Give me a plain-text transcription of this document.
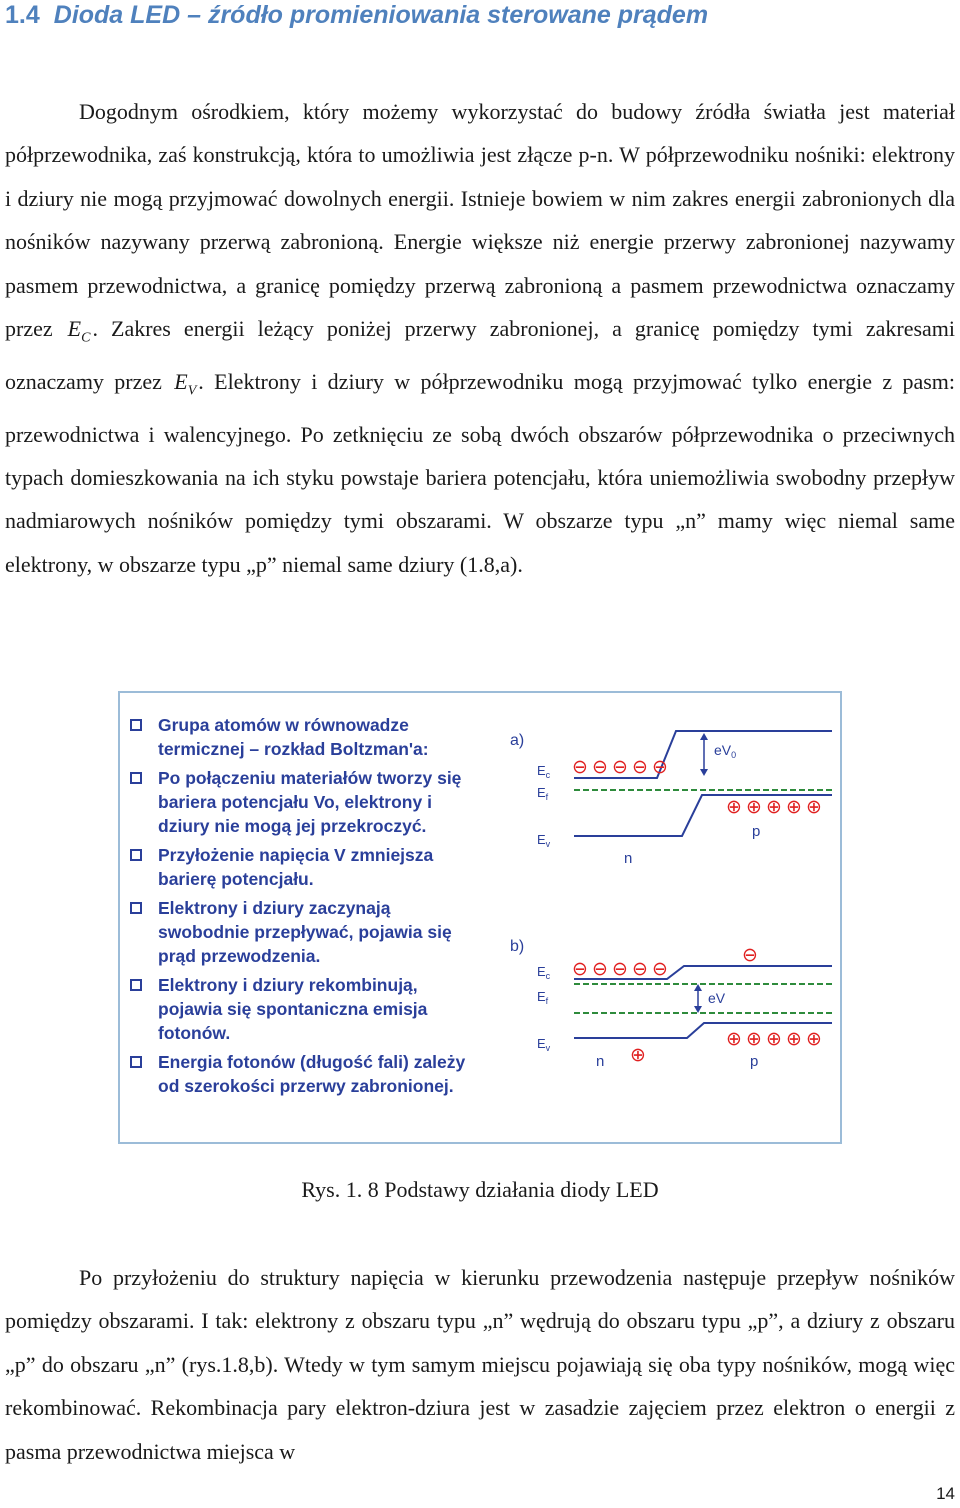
1.4 Dioda LED – źródło promieniowania sterowane prądem

Dogodnym ośrodkiem, który możemy wykorzystać do budowy źródła światła jest materiał półprzewodnika, zaś konstrukcją, która to umożliwia jest złącze p-n. W półprzewodniku nośniki: elektrony i dziury nie mogą przyjmować dowolnych energii. Istnieje bowiem w nim zakres energii zabronionych dla nośników nazywany przerwą zabronioną. Energie większe niż energie przerwy zabronionej nazywamy pasmem przewodnictwa, a granicę pomiędzy przerwą zabronioną a pasmem przewodnictwa oznaczamy przez $E_C$. Zakres energii leżący poniżej przerwy zabronionej, a granicę pomiędzy tymi zakresami oznaczamy przez $E_V$. Elektrony i dziury w półprzewodniku mogą przyjmować tylko energie z pasm: przewodnictwa i walencyjnego. Po zetknięciu ze sobą dwóch obszarów półprzewodnika o przeciwnych typach domieszkowania na ich styku powstaje bariera potencjału, która uniemożliwia swobodny przepływ nadmiarowych nośników pomiędzy tymi obszarami. W obszarze typu „n” mamy więc niemal same elektrony, w obszarze typu „p” niemal same dziury (1.8,a).

Grupa atomów w równowadze termicznej – rozkład Boltzman'a:
Po połączeniu materiałów tworzy się bariera potencjału Vo, elektrony i dziury nie mogą jej przekroczyć.
Przyłożenie napięcia V zmniejsza barierę potencjału.
Elektrony i dziury zaczynają swobodnie przepływać, pojawia się prąd przewodzenia.
Elektrony i dziury rekombinują, pojawia się spontaniczna emisja fotonów.
Energia fotonów (długość fali) zależy od szerokości przerwy zabronionej.
a)
$E_c$
$E_f$
$E_v$
$eV_0$
⊖ ⊖ ⊖ ⊖ ⊖
⊕ ⊕ ⊕ ⊕ ⊕
n
p
b)
$E_c$
$E_f$
$E_v$
eV
⊖ ⊖ ⊖ ⊖ ⊖
⊖
⊕ ⊕ ⊕ ⊕ ⊕
⊕
n	p

Rys. 1. 8 Podstawy działania diody LED

Po przyłożeniu do struktury napięcia w kierunku przewodzenia następuje przepływ nośników pomiędzy obszarami. I tak: elektrony z obszaru typu „n” wędrują do obszaru typu „p”, a dziury z obszaru „p” do obszaru „n” (rys.1.8,b). Wtedy w tym samym miejscu pojawiają się oba typy nośników, mogą więc rekombinować. Rekombinacja pary elektron-dziura jest w zasadzie zajęciem przez elektron o energii z pasma przewodnictwa miejsca w

14
